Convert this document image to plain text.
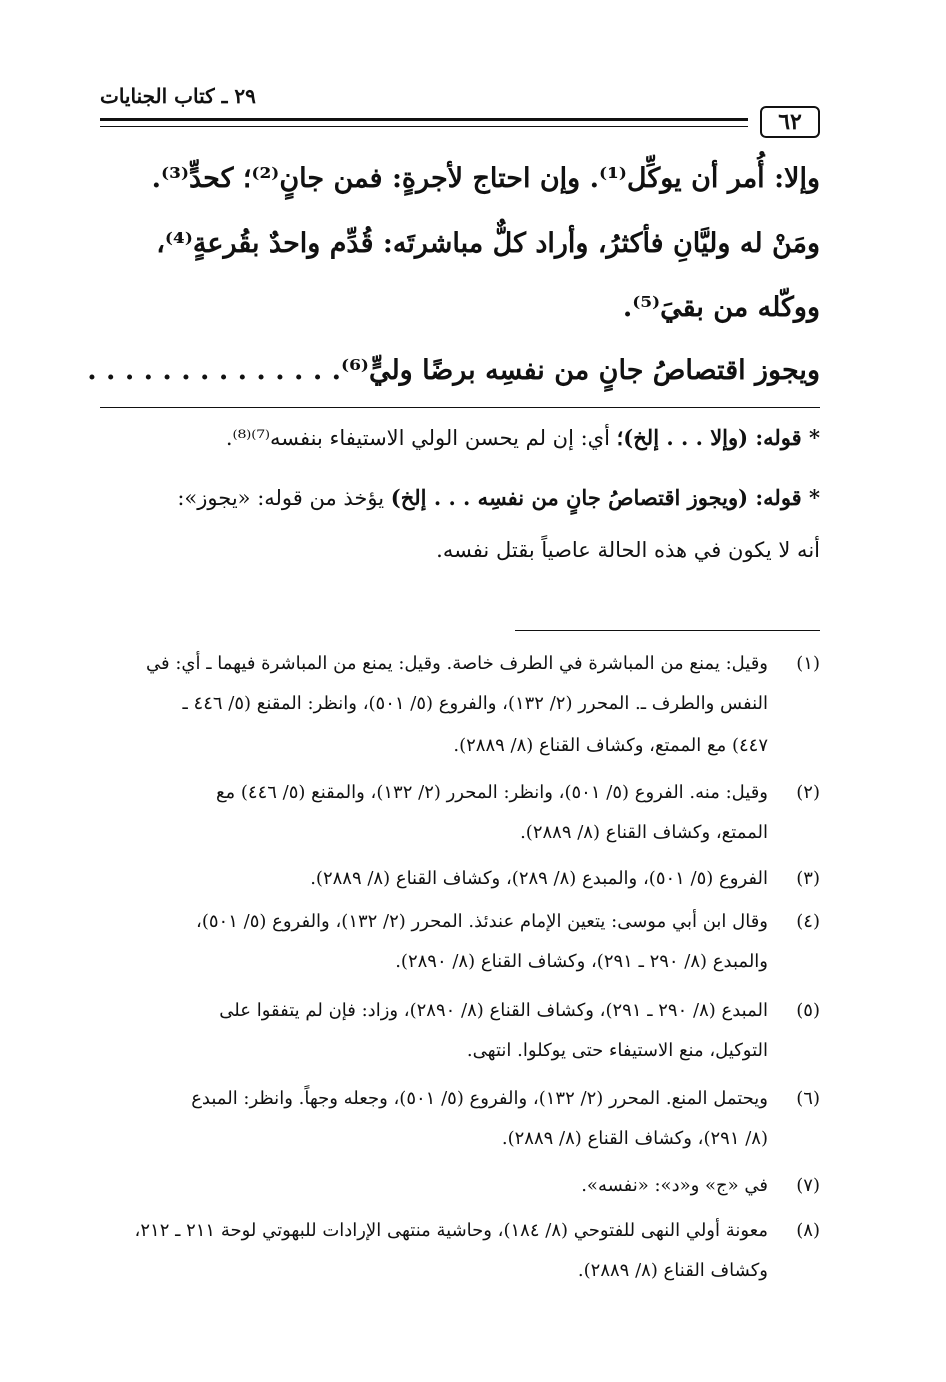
٦٢
٢٩ ـ كتاب الجنايات
وإلا: أُمر أن يوكِّل⁽¹⁾. وإن احتاج لأجرةٍ: فمن جانٍ⁽²⁾؛ كحدٍّ⁽³⁾.
ومَنْ له وليَّانِ فأكثرُ، وأراد كلٌّ مباشرتَه: قُدِّم واحدٌ بقُرعةٍ⁽⁴⁾،
ووكّله من بقيَ⁽⁵⁾.
ويجوز اقتصاصُ جانٍ من نفسِه برضًا وليٍّ⁽⁶⁾. . . . . . . . . . . . . .
* قوله: (وإلا . . . إلخ)؛ أي: إن لم يحسن الولي الاستيفاء بنفسه⁽⁷⁾⁽⁸⁾.
* قوله: (ويجوز اقتصاصُ جانٍ من نفسِه . . . إلخ) يؤخذ من قوله: «يجوز»:
أنه لا يكون في هذه الحالة عاصياً بقتل نفسه.
(١)
وقيل: يمنع من المباشرة في الطرف خاصة. وقيل: يمنع من المباشرة فيهما ـ أي: في
النفس والطرف ـ. المحرر (٢/ ١٣٢)، والفروع (٥/ ٥٠١)، وانظر: المقنع (٥/ ٤٤٦ ـ
٤٤٧) مع الممتع، وكشاف القناع (٨/ ٢٨٨٩).
(٢)
وقيل: منه. الفروع (٥/ ٥٠١)، وانظر: المحرر (٢/ ١٣٢)، والمقنع (٥/ ٤٤٦) مع
الممتع، وكشاف القناع (٨/ ٢٨٨٩).
(٣)
الفروع (٥/ ٥٠١)، والمبدع (٨/ ٢٨٩)، وكشاف القناع (٨/ ٢٨٨٩).
(٤)
وقال ابن أبي موسى: يتعين الإمام عندئذ. المحرر (٢/ ١٣٢)، والفروع (٥/ ٥٠١)،
والمبدع (٨/ ٢٩٠ ـ ٢٩١)، وكشاف القناع (٨/ ٢٨٩٠).
(٥)
المبدع (٨/ ٢٩٠ ـ ٢٩١)، وكشاف القناع (٨/ ٢٨٩٠)، وزاد: فإن لم يتفقوا على
التوكيل، منع الاستيفاء حتى يوكلوا. انتهى.
(٦)
ويحتمل المنع. المحرر (٢/ ١٣٢)، والفروع (٥/ ٥٠١)، وجعله وجهاً. وانظر: المبدع
(٨/ ٢٩١)، وكشاف القناع (٨/ ٢٨٨٩).
(٧)
في «ج» و«د»: «نفسه».
(٨)
معونة أولي النهى للفتوحي (٨/ ١٨٤)، وحاشية منتهى الإرادات للبهوتي لوحة ٢١١ ـ ٢١٢،
وكشاف القناع (٨/ ٢٨٨٩).
